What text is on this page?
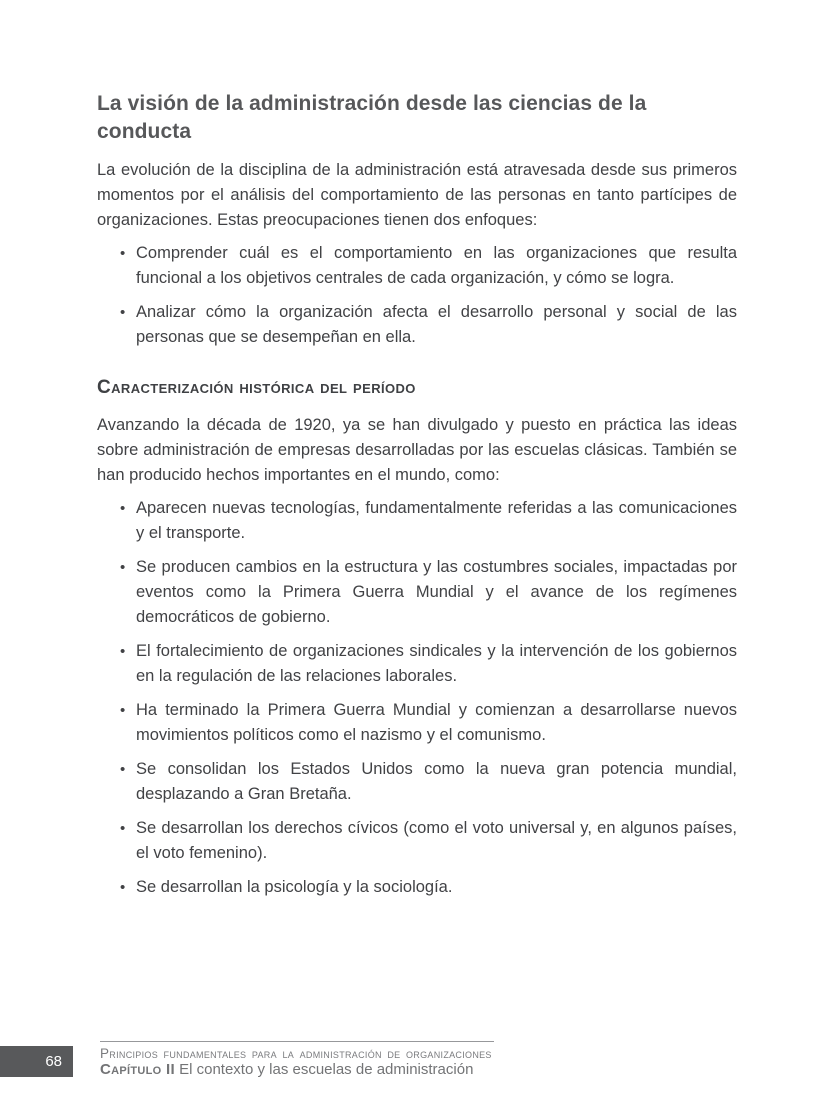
La visión de la administración desde las ciencias de la conducta

La evolución de la disciplina de la administración está atravesada desde sus primeros momentos por el análisis del comportamiento de las personas en tanto partícipes de organizaciones. Estas preocupaciones tienen dos enfoques:

• Comprender cuál es el comportamiento en las organizaciones que resulta funcional a los objetivos centrales de cada organización, y cómo se logra.
• Analizar cómo la organización afecta el desarrollo personal y social de las personas que se desempeñan en ella.
Caracterización histórica del período

Avanzando la década de 1920, ya se han divulgado y puesto en práctica las ideas sobre administración de empresas desarrolladas por las escuelas clásicas. También se han producido hechos importantes en el mundo, como:

• Aparecen nuevas tecnologías, fundamentalmente referidas a las comunicaciones y el transporte.
• Se producen cambios en la estructura y las costumbres sociales, impactadas por eventos como la Primera Guerra Mundial y el avance de los regímenes democráticos de gobierno.
• El fortalecimiento de organizaciones sindicales y la intervención de los gobiernos en la regulación de las relaciones laborales.
• Ha terminado la Primera Guerra Mundial y comienzan a desarrollarse nuevos movimientos políticos como el nazismo y el comunismo.
• Se consolidan los Estados Unidos como la nueva gran potencia mundial, desplazando a Gran Bretaña.
• Se desarrollan los derechos cívicos (como el voto universal y, en algunos países, el voto femenino).
• Se desarrollan la psicología y la sociología.
68	Principios fundamentales para la administración de organizaciones
Capítulo II El contexto y las escuelas de administración
